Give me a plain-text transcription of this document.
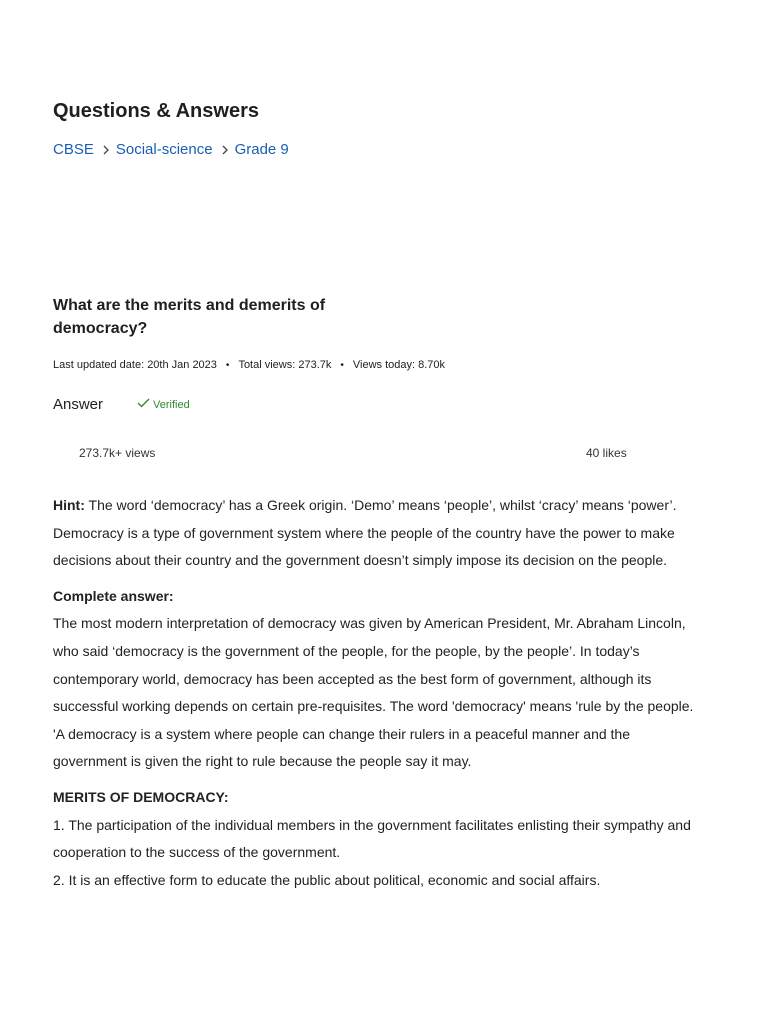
Questions & Answers
CBSE Social-science Grade 9
What are the merits and demerits of democracy?
Last updated date: 20th Jan 2023 • Total views: 273.7k • Views today: 8.70k
Answer	Verified
273.7k+ views	40 likes

Hint: The word ‘democracy’ has a Greek origin. ‘Demo’ means ‘people’, whilst ‘cracy’ means ‘power’. Democracy is a type of government system where the people of the country have the power to make decisions about their country and the government doesn’t simply impose its decision on the people.

Complete answer:

The most modern interpretation of democracy was given by American President, Mr. Abraham Lincoln, who said ‘democracy is the government of the people, for the people, by the people’. In today’s contemporary world, democracy has been accepted as the best form of government, although its successful working depends on certain pre-requisites. The word 'democracy' means 'rule by the people. 'A democracy is a system where people can change their rulers in a peaceful manner and the government is given the right to rule because the people say it may.

MERITS OF DEMOCRACY:

1. The participation of the individual members in the government facilitates enlisting their sympathy and cooperation to the success of the government.

2. It is an effective form to educate the public about political, economic and social affairs.
